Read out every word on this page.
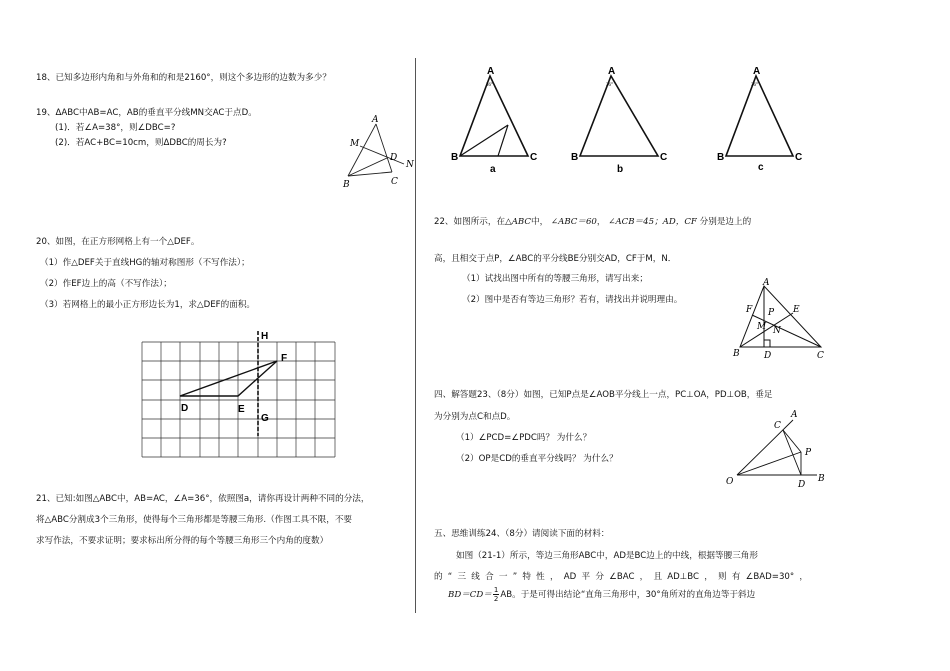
18、已知多边形内角和与外角和的和是2160°，则这个多边形的边数为多少？
19、ΔABC中AB=AC，AB的垂直平分线MN交AC于点D。
(1)．若∠A=38°，则∠DBC=?
(2)．若AC+BC=10cm，则ΔDBC的周长为?
A
M
D
N
B	C
20、如图，在正方形网格上有一个△DEF。
（1）作△DEF关于直线HG的轴对称图形（不写作法）；
（2）作EF边上的高（不写作法）；
（3）若网格上的最小正方形边长为1，求△DEF的面积。
H
F
D	E
G
21、已知:如图△ABC中，AB=AC，∠A=36°，依照图a，请你再设计两种不同的分法，
将△ABC分割成3个三角形，使得每个三角形都是等腰三角形.（作图工具不限，不要
求写作法，不要求证明；要求标出所分得的每个等腰三角形三个内角的度数）
A
36°
B	C
a
A
36°
B	C
b
A
36°
B	C
c
22、如图所示，在△ABC中， ∠ABC＝60， ∠ACB＝45；AD，CF 分别是边上的
高，且相交于点P，∠ABC的平分线BE分别交AD，CF于M，N．
（1）试找出图中所有的等腰三角形，请写出来；
（2）图中是否有等边三角形？若有，请找出并说明理由。
A
F	E
P
M N
B	D	C
四、解答题23、（8分）如图，已知P点是∠AOB平分线上一点，PC⊥OA，PD⊥OB，垂足
为分别为点C和点D。
（1）∠PCD=∠PDC吗？ 为什么？
（2）OP是CD的垂直平分线吗？ 为什么？
A
C
P
O	D
B
五、思维训练24、（8分）请阅读下面的材料：
如图（21-1）所示，等边三角形ABC中，AD是BC边上的中线，根据等腰三角形
的“三线合一”特性，AD平分∠BAC，且AD⊥BC，则有∠BAD=30°，
$BD=CD= \frac{1}{2}$ AB。于是可得出结论“直角三角形中，30°角所对的直角边等于斜边
